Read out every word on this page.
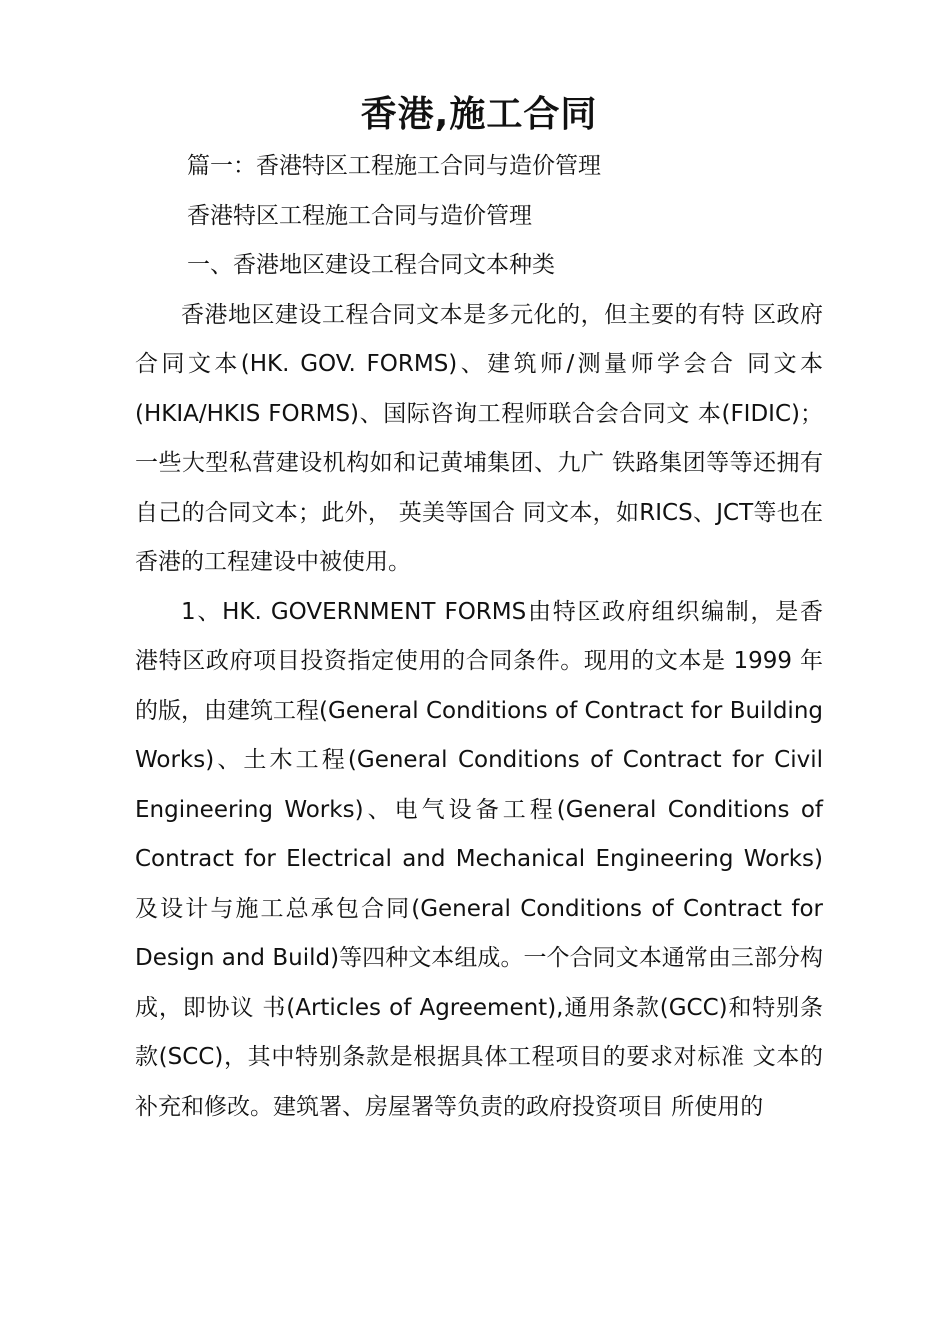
香港,施工合同

篇一：香港特区工程施工合同与造价管理

香港特区工程施工合同与造价管理

一、香港地区建设工程合同文本种类

香港地区建设工程合同文本是多元化的，但主要的有特 区政府合同文本(HK. GOV. FORMS)、建筑师/测量师学会合 同文本(HKIA/HKIS FORMS)、国际咨询工程师联合会合同文 本(FIDIC)； 一些大型私营建设机构如和记黄埔集团、九广 铁路集团等等还拥有自己的合同文本；此外， 英美等国合 同文本，如RICS、JCT等也在香港的工程建设中被使用。

1、HK. GOVERNMENT FORMS由特区政府组织编制，是香 港特区政府项目投资指定使用的合同条件。现用的文本是 1999 年的版，由建筑工程(General Conditions of Contract for Building Works)、土木工程(General Conditions of Contract for Civil Engineering Works)、电气设备工程(General Conditions of Contract for Electrical and Mechanical Engineering Works)及设计与施工总承包合同(General Conditions of Contract for Design and Build)等四种文本组成。一个合同文本通常由三部分构成，即协议 书(Articles of Agreement),通用条款(GCC)和特别条 款(SCC)，其中特别条款是根据具体工程项目的要求对标准 文本的补充和修改。建筑署、房屋署等负责的政府投资项目 所使用的
